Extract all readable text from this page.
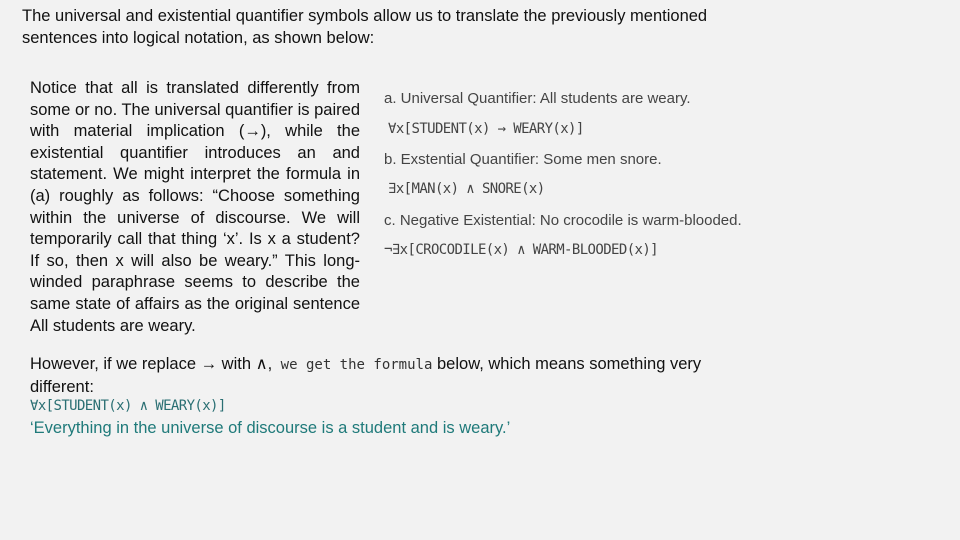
The universal and existential quantifier symbols allow us to translate the previously mentioned sentences into logical notation, as shown below:
Notice that all is translated differently from some or no. The universal quantifier is paired with material implication (→), while the existential quantifier introduces an and statement. We might interpret the formula in (a) roughly as follows: “Choose something within the universe of discourse. We will temporarily call that thing ‘x’. Is x a student? If so, then x will also be weary.” This long-winded paraphrase seems to describe the same state of affairs as the original sentence All students are weary.
a. Universal Quantifier: All students are weary.
∀x[STUDENT(x) → WEARY(x)]
b. Exstential Quantifier: Some men snore.
∃x[MAN(x) ∧ SNORE(x)
c. Negative Existential: No crocodile is warm-blooded.
¬∃x[CROCODILE(x) ∧ WARM-BLOODED(x)]
However, if we replace → with ∧, we get the formula below, which means something very different:
∀x[STUDENT(x) ∧ WEARY(x)]
‘Everything in the universe of discourse is a student and is weary.’
